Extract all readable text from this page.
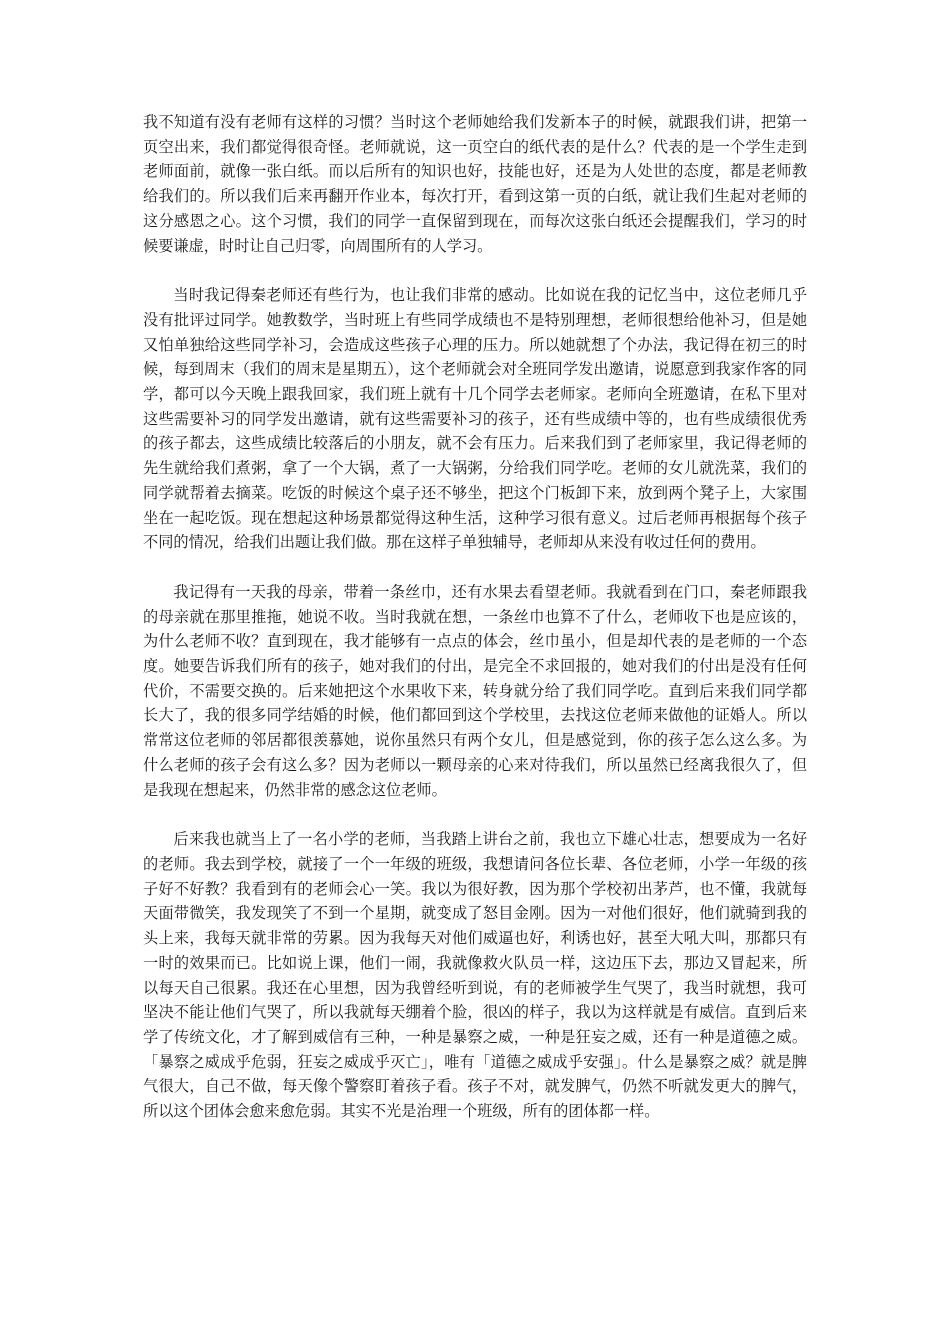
我不知道有没有老师有这样的习惯？当时这个老师她给我们发新本子的时候，就跟我们讲，把第一页空出来，我们都觉得很奇怪。老师就说，这一页空白的纸代表的是什么？代表的是一个学生走到老师面前，就像一张白纸。而以后所有的知识也好，技能也好，还是为人处世的态度，都是老师教给我们的。所以我们后来再翻开作业本，每次打开，看到这第一页的白纸，就让我们生起对老师的这分感恩之心。这个习惯，我们的同学一直保留到现在，而每次这张白纸还会提醒我们，学习的时候要谦虚，时时让自己归零，向周围所有的人学习。

当时我记得秦老师还有些行为，也让我们非常的感动。比如说在我的记忆当中，这位老师几乎没有批评过同学。她教数学，当时班上有些同学成绩也不是特别理想，老师很想给他补习，但是她又怕单独给这些同学补习，会造成这些孩子心理的压力。所以她就想了个办法，我记得在初三的时候，每到周末（我们的周末是星期五），这个老师就会对全班同学发出邀请，说愿意到我家作客的同学，都可以今天晚上跟我回家，我们班上就有十几个同学去老师家。老师向全班邀请，在私下里对这些需要补习的同学发出邀请，就有这些需要补习的孩子，还有些成绩中等的，也有些成绩很优秀的孩子都去，这些成绩比较落后的小朋友，就不会有压力。后来我们到了老师家里，我记得老师的先生就给我们煮粥，拿了一个大锅，煮了一大锅粥，分给我们同学吃。老师的女儿就洗菜，我们的同学就帮着去摘菜。吃饭的时候这个桌子还不够坐，把这个门板卸下来，放到两个凳子上，大家围坐在一起吃饭。现在想起这种场景都觉得这种生活，这种学习很有意义。过后老师再根据每个孩子不同的情况，给我们出题让我们做。那在这样子单独辅导，老师却从来没有收过任何的费用。

我记得有一天我的母亲，带着一条丝巾，还有水果去看望老师。我就看到在门口，秦老师跟我的母亲就在那里推拖，她说不收。当时我就在想，一条丝巾也算不了什么，老师收下也是应该的，为什么老师不收？直到现在，我才能够有一点点的体会，丝巾虽小，但是却代表的是老师的一个态度。她要告诉我们所有的孩子，她对我们的付出，是完全不求回报的，她对我们的付出是没有任何代价，不需要交换的。后来她把这个水果收下来，转身就分给了我们同学吃。直到后来我们同学都长大了，我的很多同学结婚的时候，他们都回到这个学校里，去找这位老师来做他的证婚人。所以常常这位老师的邻居都很羡慕她，说你虽然只有两个女儿，但是感觉到，你的孩子怎么这么多。为什么老师的孩子会有这么多？因为老师以一颗母亲的心来对待我们，所以虽然已经离我很久了，但是我现在想起来，仍然非常的感念这位老师。

后来我也就当上了一名小学的老师，当我踏上讲台之前，我也立下雄心壮志，想要成为一名好的老师。我去到学校，就接了一个一年级的班级，我想请问各位长辈、各位老师，小学一年级的孩子好不好教？我看到有的老师会心一笑。我以为很好教，因为那个学校初出茅芦，也不懂，我就每天面带微笑，我发现笑了不到一个星期，就变成了怒目金刚。因为一对他们很好，他们就骑到我的头上来，我每天就非常的劳累。因为我每天对他们威逼也好，利诱也好，甚至大吼大叫，那都只有一时的效果而已。比如说上课，他们一闹，我就像救火队员一样，这边压下去，那边又冒起来，所以每天自己很累。我还在心里想，因为我曾经听到说，有的老师被学生气哭了，我当时就想，我可坚决不能让他们气哭了，所以我就每天绷着个脸，很凶的样子，我以为这样就是有威信。直到后来学了传统文化，才了解到威信有三种，一种是暴察之威，一种是狂妄之威，还有一种是道德之威。「暴察之威成乎危弱，狂妄之威成乎灭亡」，唯有「道德之威成乎安强」。什么是暴察之威？就是脾气很大，自己不做，每天像个警察盯着孩子看。孩子不对，就发脾气，仍然不听就发更大的脾气，所以这个团体会愈来愈危弱。其实不光是治理一个班级，所有的团体都一样。
